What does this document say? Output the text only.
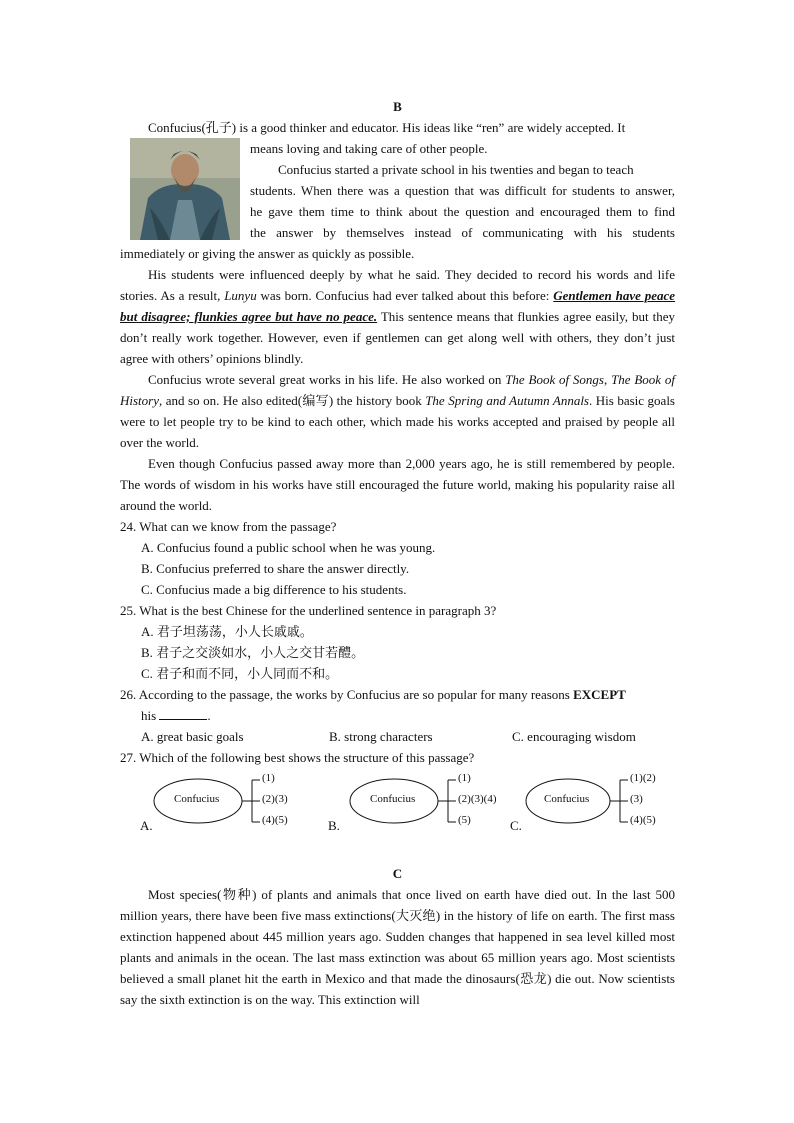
B

Confucius(孔子) is a good thinker and educator. His ideas like “ren” are widely accepted. It

means loving and taking care of other people.

Confucius started a private school in his twenties and began to teach

students. When there was a question that was difficult for students to answer,

he gave them time to think about the question and encouraged them to find

the answer by themselves instead of communicating with his students

immediately or giving the answer as quickly as possible.

His students were influenced deeply by what he said. They decided to record his words and life stories. As a result, Lunyu was born. Confucius had ever talked about this before: Gentlemen have peace but disagree; flunkies agree but have no peace. This sentence means that flunkies agree easily, but they don’t really work together. However, even if gentlemen can get along well with others, they don’t just agree with others’ opinions blindly.

Confucius wrote several great works in his life. He also worked on The Book of Songs, The Book of History, and so on. He also edited(编写) the history book The Spring and Autumn Annals. His basic goals were to let people try to be kind to each other, which made his works accepted and praised by people all over the world.

Even though Confucius passed away more than 2,000 years ago, he is still remembered by people. The words of wisdom in his works have still encouraged the future world, making his popularity raise all around the world.

24. What can we know from the passage?

A. Confucius found a public school when he was young.

B. Confucius preferred to share the answer directly.

C. Confucius made a big difference to his students.

25. What is the best Chinese for the underlined sentence in paragraph 3?

A. 君子坦荡荡，小人长戚戚。

B. 君子之交淡如水，小人之交甘若醴。

C. 君子和而不同，小人同而不和。

26. According to the passage, the works by Confucius are so popular for many reasons EXCEPT

his	.

A. great basic goals	B. strong characters	C. encouraging wisdom

27. Which of the following best shows the structure of this passage?

A.
Confucius
(1)
(2)(3)
(4)(5)	B.
Confucius
(1)
(2)(3)(4)
(5)	C.
Confucius
(1)(2)
(3)
(4)(5)
C

Most species(物种) of plants and animals that once lived on earth have died out. In the last 500 million years, there have been five mass extinctions(大灭绝) in the history of life on earth. The first mass extinction happened about 445 million years ago. Sudden changes that happened in sea level killed most plants and animals in the ocean. The last mass extinction was about 65 million years ago. Most scientists believed a small planet hit the earth in Mexico and that made the dinosaurs(恐龙) die out. Now scientists say the sixth extinction is on the way. This extinction will
